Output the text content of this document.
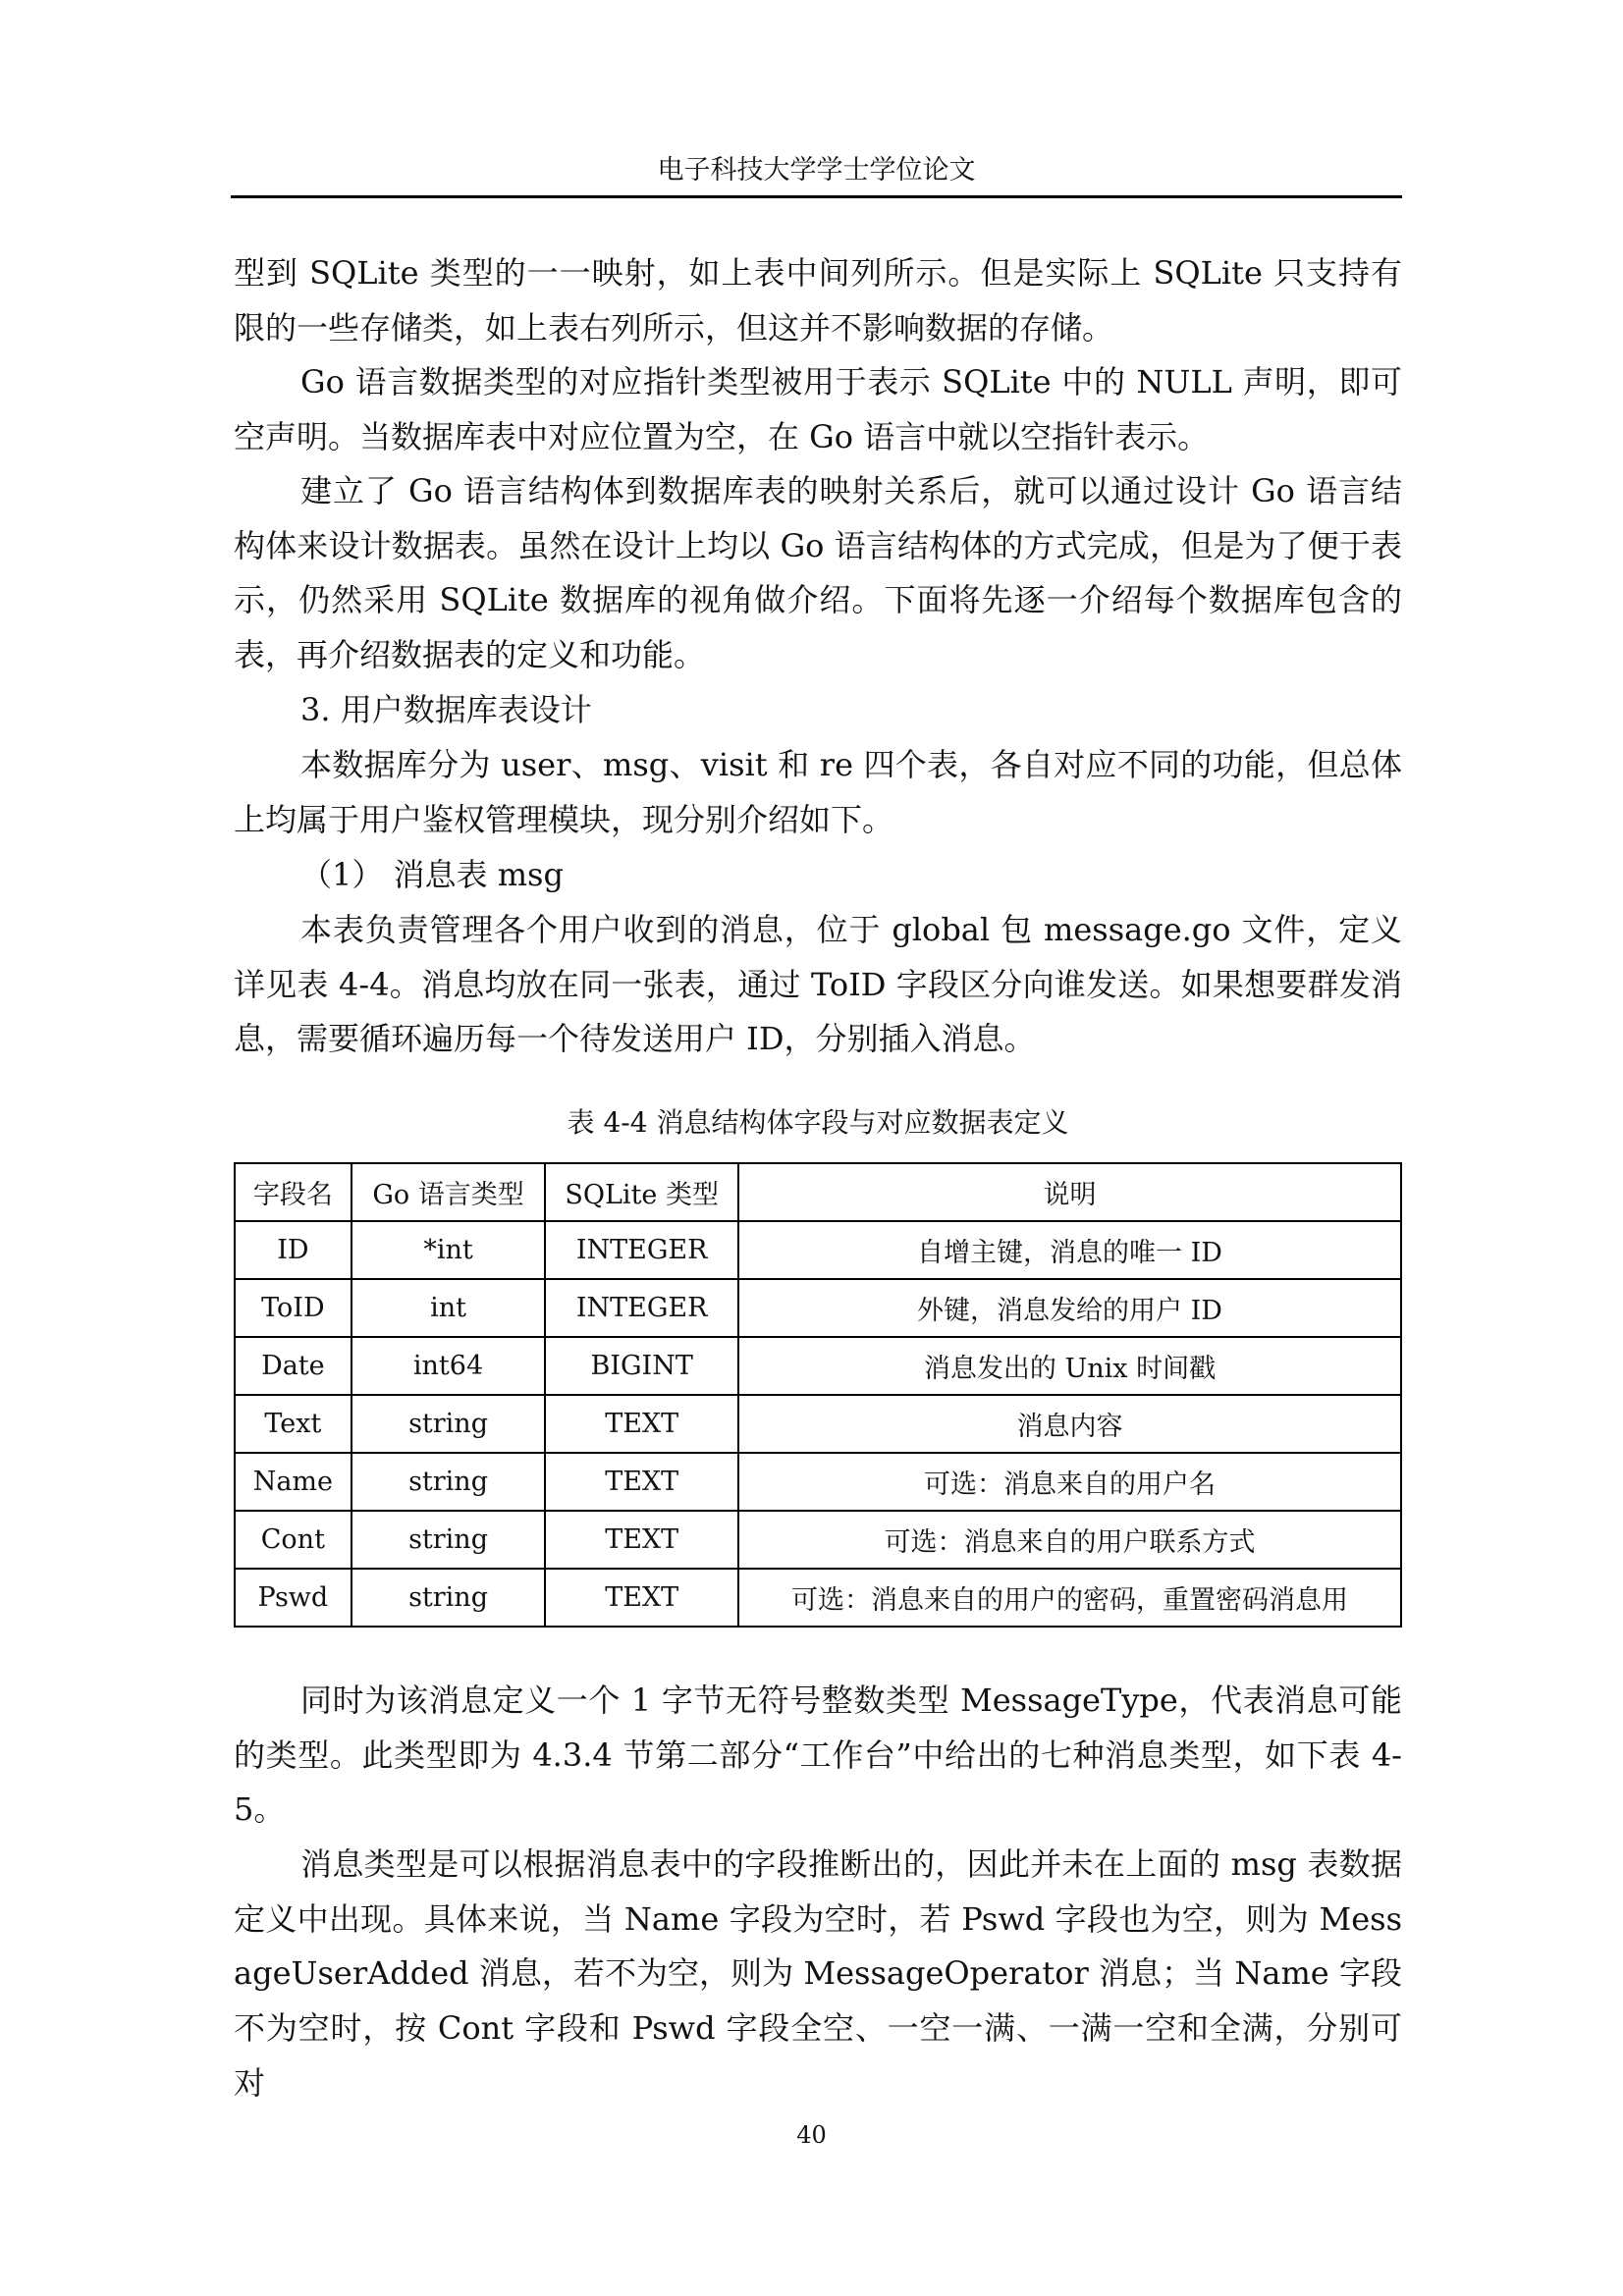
电子科技大学学士学位论文

型到 SQLite 类型的一一映射，如上表中间列所示。但是实际上 SQLite 只支持有限的一些存储类，如上表右列所示，但这并不影响数据的存储。

Go 语言数据类型的对应指针类型被用于表示 SQLite 中的 NULL 声明，即可空声明。当数据库表中对应位置为空，在 Go 语言中就以空指针表示。

建立了 Go 语言结构体到数据库表的映射关系后，就可以通过设计 Go 语言结构体来设计数据表。虽然在设计上均以 Go 语言结构体的方式完成，但是为了便于表示，仍然采用 SQLite 数据库的视角做介绍。下面将先逐一介绍每个数据库包含的表，再介绍数据表的定义和功能。

3. 用户数据库表设计

本数据库分为 user、msg、visit 和 re 四个表，各自对应不同的功能，但总体上均属于用户鉴权管理模块，现分别介绍如下。

（1） 消息表 msg

本表负责管理各个用户收到的消息，位于 global 包 message.go 文件，定义详见表 4-4。消息均放在同一张表，通过 ToID 字段区分向谁发送。如果想要群发消息，需要循环遍历每一个待发送用户 ID，分别插入消息。

表 4-4 消息结构体字段与对应数据表定义
字段名	Go 语言类型	SQLite 类型	说明
ID	*int	INTEGER	自增主键，消息的唯一 ID
ToID	int	INTEGER	外键，消息发给的用户 ID
Date	int64	BIGINT	消息发出的 Unix 时间戳
Text	string	TEXT	消息内容
Name	string	TEXT	可选：消息来自的用户名
Cont	string	TEXT	可选：消息来自的用户联系方式
Pswd	string	TEXT	可选：消息来自的用户的密码，重置密码消息用

同时为该消息定义一个 1 字节无符号整数类型 MessageType，代表消息可能的类型。此类型即为 4.3.4 节第二部分“工作台”中给出的七种消息类型，如下表 4-5。

消息类型是可以根据消息表中的字段推断出的，因此并未在上面的 msg 表数据定义中出现。具体来说，当 Name 字段为空时，若 Pswd 字段也为空，则为 MessageUserAdded 消息，若不为空，则为 MessageOperator 消息；当 Name 字段不为空时，按 Cont 字段和 Pswd 字段全空、一空一满、一满一空和全满，分别可对

40
